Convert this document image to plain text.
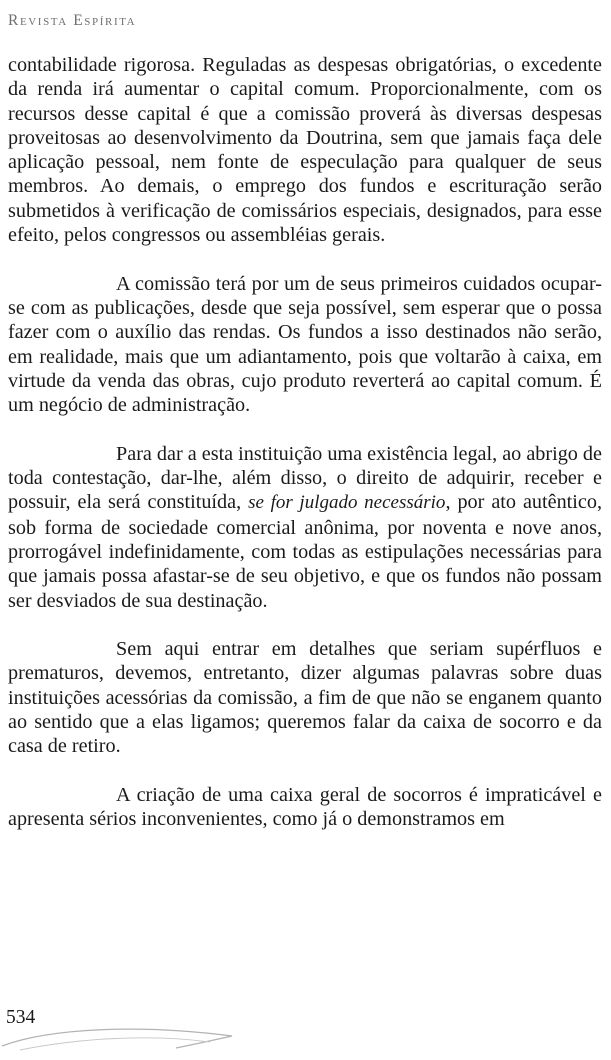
Revista Espírita

contabilidade rigorosa. Reguladas as despesas obrigatórias, o excedente da renda irá aumentar o capital comum. Proporcionalmente, com os recursos desse capital é que a comissão proverá às diversas despesas proveitosas ao desenvolvimento da Doutrina, sem que jamais faça dele aplicação pessoal, nem fonte de especulação para qualquer de seus membros. Ao demais, o emprego dos fundos e escrituração serão submetidos à verificação de comissários especiais, designados, para esse efeito, pelos congressos ou assembléias gerais.

A comissão terá por um de seus primeiros cuidados ocupar-se com as publicações, desde que seja possível, sem esperar que o possa fazer com o auxílio das rendas. Os fundos a isso destinados não serão, em realidade, mais que um adiantamento, pois que voltarão à caixa, em virtude da venda das obras, cujo produto reverterá ao capital comum. É um negócio de administração.

Para dar a esta instituição uma existência legal, ao abrigo de toda contestação, dar-lhe, além disso, o direito de adquirir, receber e possuir, ela será constituída, se for julgado necessário, por ato autêntico, sob forma de sociedade comercial anônima, por noventa e nove anos, prorrogável indefinidamente, com todas as estipulações necessárias para que jamais possa afastar-se de seu objetivo, e que os fundos não possam ser desviados de sua destinação.

Sem aqui entrar em detalhes que seriam supérfluos e prematuros, devemos, entretanto, dizer algumas palavras sobre duas instituições acessórias da comissão, a fim de que não se enganem quanto ao sentido que a elas ligamos; queremos falar da caixa de socorro e da casa de retiro.

A criação de uma caixa geral de socorros é impraticável e apresenta sérios inconvenientes, como já o demonstramos em

534
